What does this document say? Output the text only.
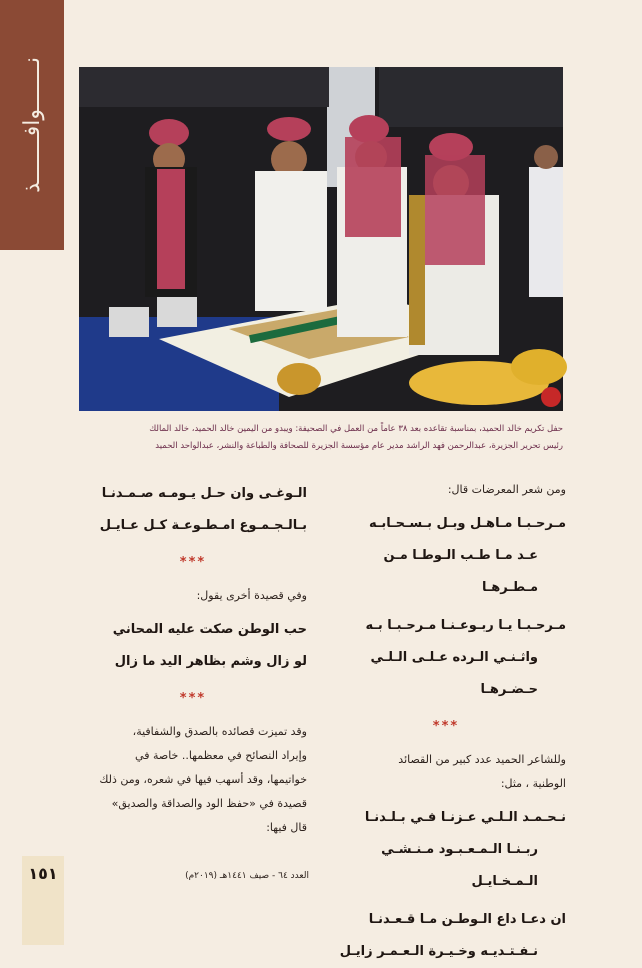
نـــــــوافـــــــذ
حفل تكريم خالد الحميد، بمناسبة تقاعده بعد ٣٨ عاماً من العمل في الصحيفة: ويبدو من اليمين خالد الحميد، خالد المالك
رئيس تحرير الجزيرة، عبدالرحمن فهد الراشد مدير عام مؤسسة الجزيرة للصحافة والطباعة والنشر، عبدالواحد الحميد
ومن شعر المعرضات قال:
مـرحـبـا مـاهـل وبـل بـسـحـابـه
عـد مـا طـب الـوطـا مـن مـطـرهـا
مـرحـبـا يـا ربـوعـنـا مـرحـبـا بـه
واثـنـي الـرده عـلـى الـلـي حـضـرهـا
***
وللشاعر الحميد عدد كبير من القصائد
الوطنية ، مثل:
نـحـمـد الـلـي عـزنـا فـي بـلـدنـا
ربـنـا الـمـعـبـود مـنـشـي الـمـخـايـل
ان دعـا داع الـوطـن مـا قـعـدنـا
نـفـتـديـه وخـيـرة الـعـمـر زايـل
الـوغـى وان حـل يـومـه صـمـدنـا
بـالـجـمـوع امـطـوعـة كـل عـايـل
***
وفي قصيدة أخرى يقول:
حب الوطن صكت عليه المحاني
لو زال وشم بظاهر اليد ما زال
***
وقد تميزت قصائده بالصدق والشفافية،
وإيراد النصائح في معظمها.. خاصة في
خواتيمها، وقد أسهب فيها في شعره، ومن ذلك
قصيدة في «حفظ الود والصداقة والصديق»
قال فيها:
١٥١	العدد ٦٤ - صيف ١٤٤١هـ (٢٠١٩م)
